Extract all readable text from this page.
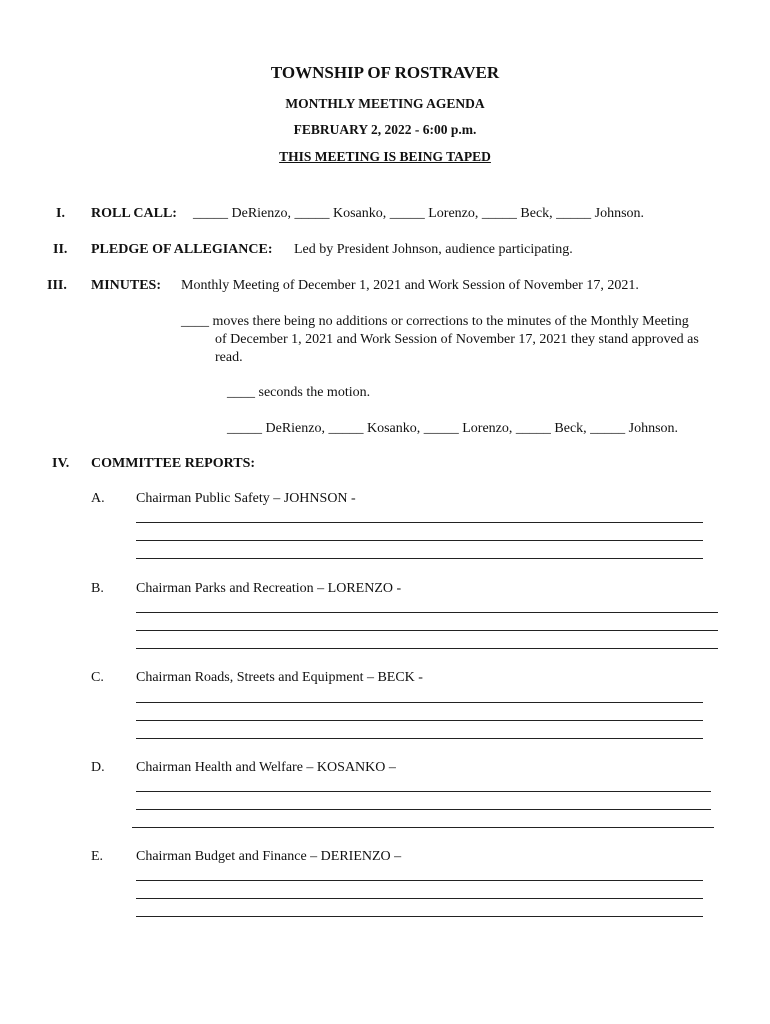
TOWNSHIP OF ROSTRAVER
MONTHLY MEETING AGENDA
FEBRUARY 2, 2022 - 6:00 p.m.
THIS MEETING IS BEING TAPED
I. ROLL CALL: _____ DeRienzo, _____ Kosanko, _____ Lorenzo, _____ Beck, _____ Johnson.
II. PLEDGE OF ALLEGIANCE: Led by President Johnson, audience participating.
III. MINUTES: Monthly Meeting of December 1, 2021 and Work Session of November 17, 2021.
____ moves there being no additions or corrections to the minutes of the Monthly Meeting
of December 1, 2021 and Work Session of November 17, 2021 they stand approved as
read.
____ seconds the motion.
_____ DeRienzo, _____ Kosanko, _____ Lorenzo, _____ Beck, _____ Johnson.
IV. COMMITTEE REPORTS:
A. Chairman Public Safety – JOHNSON -
B. Chairman Parks and Recreation – LORENZO -
C. Chairman Roads, Streets and Equipment – BECK -
D. Chairman Health and Welfare – KOSANKO –
E. Chairman Budget and Finance – DERIENZO –
